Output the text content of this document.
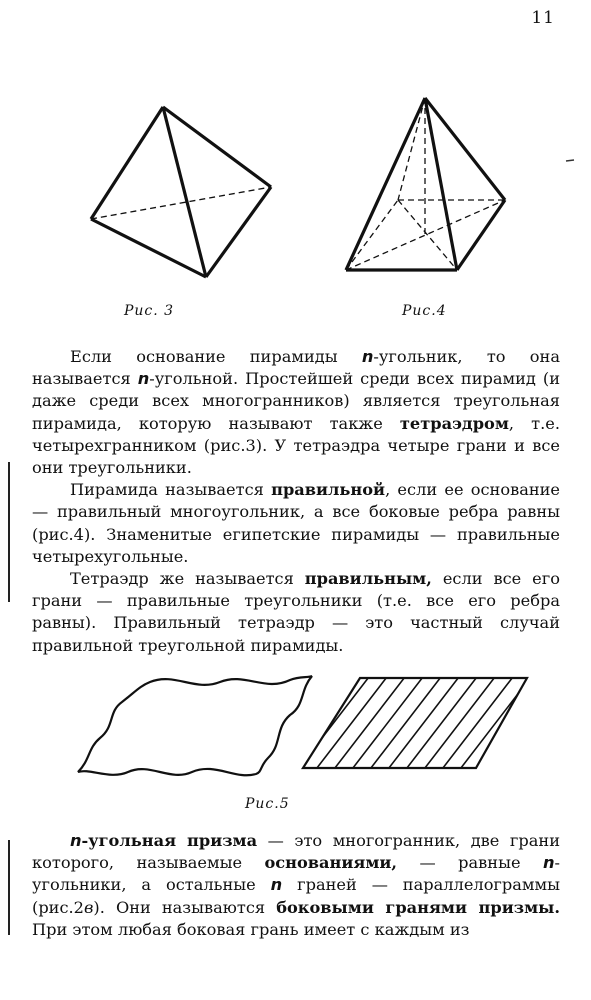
11
Рис. 3	Рис.4

Если основание пирамиды n-угольник, то она называется n-угольной. Простейшей среди всех пирамид (и даже среди всех многогранников) является треугольная пирамида, которую называют также тетраэдром, т.е. четырехгранником (рис.3). У тетраэдра четыре грани и все они треугольники.

Пирамида называется правильной, если ее основание — правильный многоугольник, а все боковые ребра равны (рис.4). Знаменитые египетские пирамиды — правильные четырехугольные.

Тетраэдр же называется правильным, если все его грани — правильные треугольники (т.е. все его ребра равны). Правильный тетраэдр — это частный случай правильной треугольной пирамиды.

Рис.5

n-угольная призма — это многогранник, две грани которого, называемые основаниями, — равные n-угольники, а остальные n граней — параллелограммы (рис.2в). Они называются боковыми гранями призмы. При этом любая боковая грань имеет с каждым из
